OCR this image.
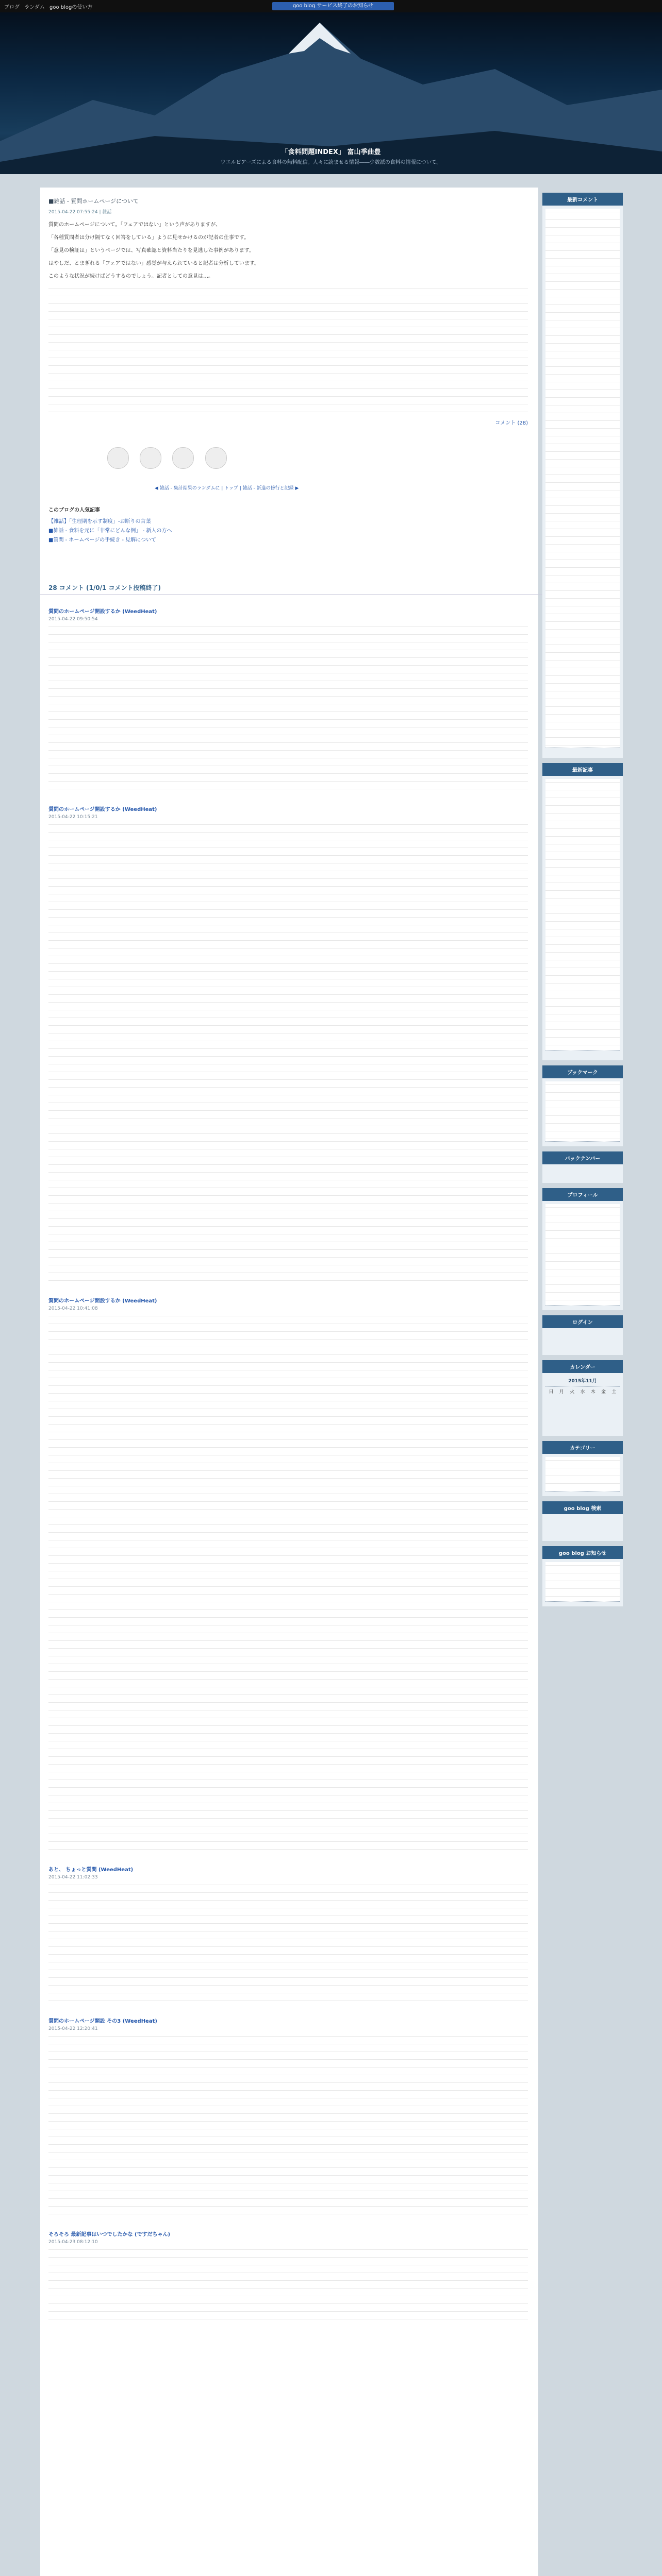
ブログ ランダム goo blogの使い方	goo blog サービス終了のお知らせ
「食料問題INDEX」 富山季曲豊
ウエルビアーズによる食料の無料配信。人々に読ませる情報――少数派の食料の情報について。
■雑話 - 質問ホームページについて
2015-04-22 07:55:24 | 雑話

質問のホームページについて。「フェアではない」という声がありますが、

「各種質問者は分け隔てなく回答をしている」ように見せかけるのが記者の仕事です。

「意見の検証は」というページでは、写真確認と資料当たりを見逃した事例があります。

はやしだ、とまぎれる「フェアではない」感覚が与えられていると記者は分析しています。

このような状況が続けばどうするのでしょう。記者としての意見は…。

コメント (28)

◀ 雑話 ‐ 集計結果のランダムに | トップ | 雑話 ‐ 新進の傍行と記録 ▶
このブログの人気記事
【雑話】「生理期を示す制度」-お断りの言葉
■雑話 - 食料を元に「非常にどんな例」 - 新人の方へ
■質問 - ホームページの手続き - 見解について
28 コメント (1/0/1 コメント投稿終了)
質問のホームページ開設するか (WeedHeat)
2015-04-22 09:50:54
質問のホームページ開設するか (WeedHeat)
2015-04-22 10:15:21
質問のホームページ開設するか (WeedHeat)
2015-04-22 10:41:08
あと、 ちょっと質問 (WeedHeat)
2015-04-22 11:02:33
質問のホームページ開設 その3 (WeedHeat)
2015-04-22 12:20:41
そろそろ 最新記事はいつでしたかな (ですだちゃん)
2015-04-23 08:12:10
最新コメント
最新記事
ブックマーク
バックナンバー
プロフィール
ログイン
カレンダー
2015年11月
日	月	火	水	木	金	土
カテゴリー
goo blog 検索
goo blog お知らせ
